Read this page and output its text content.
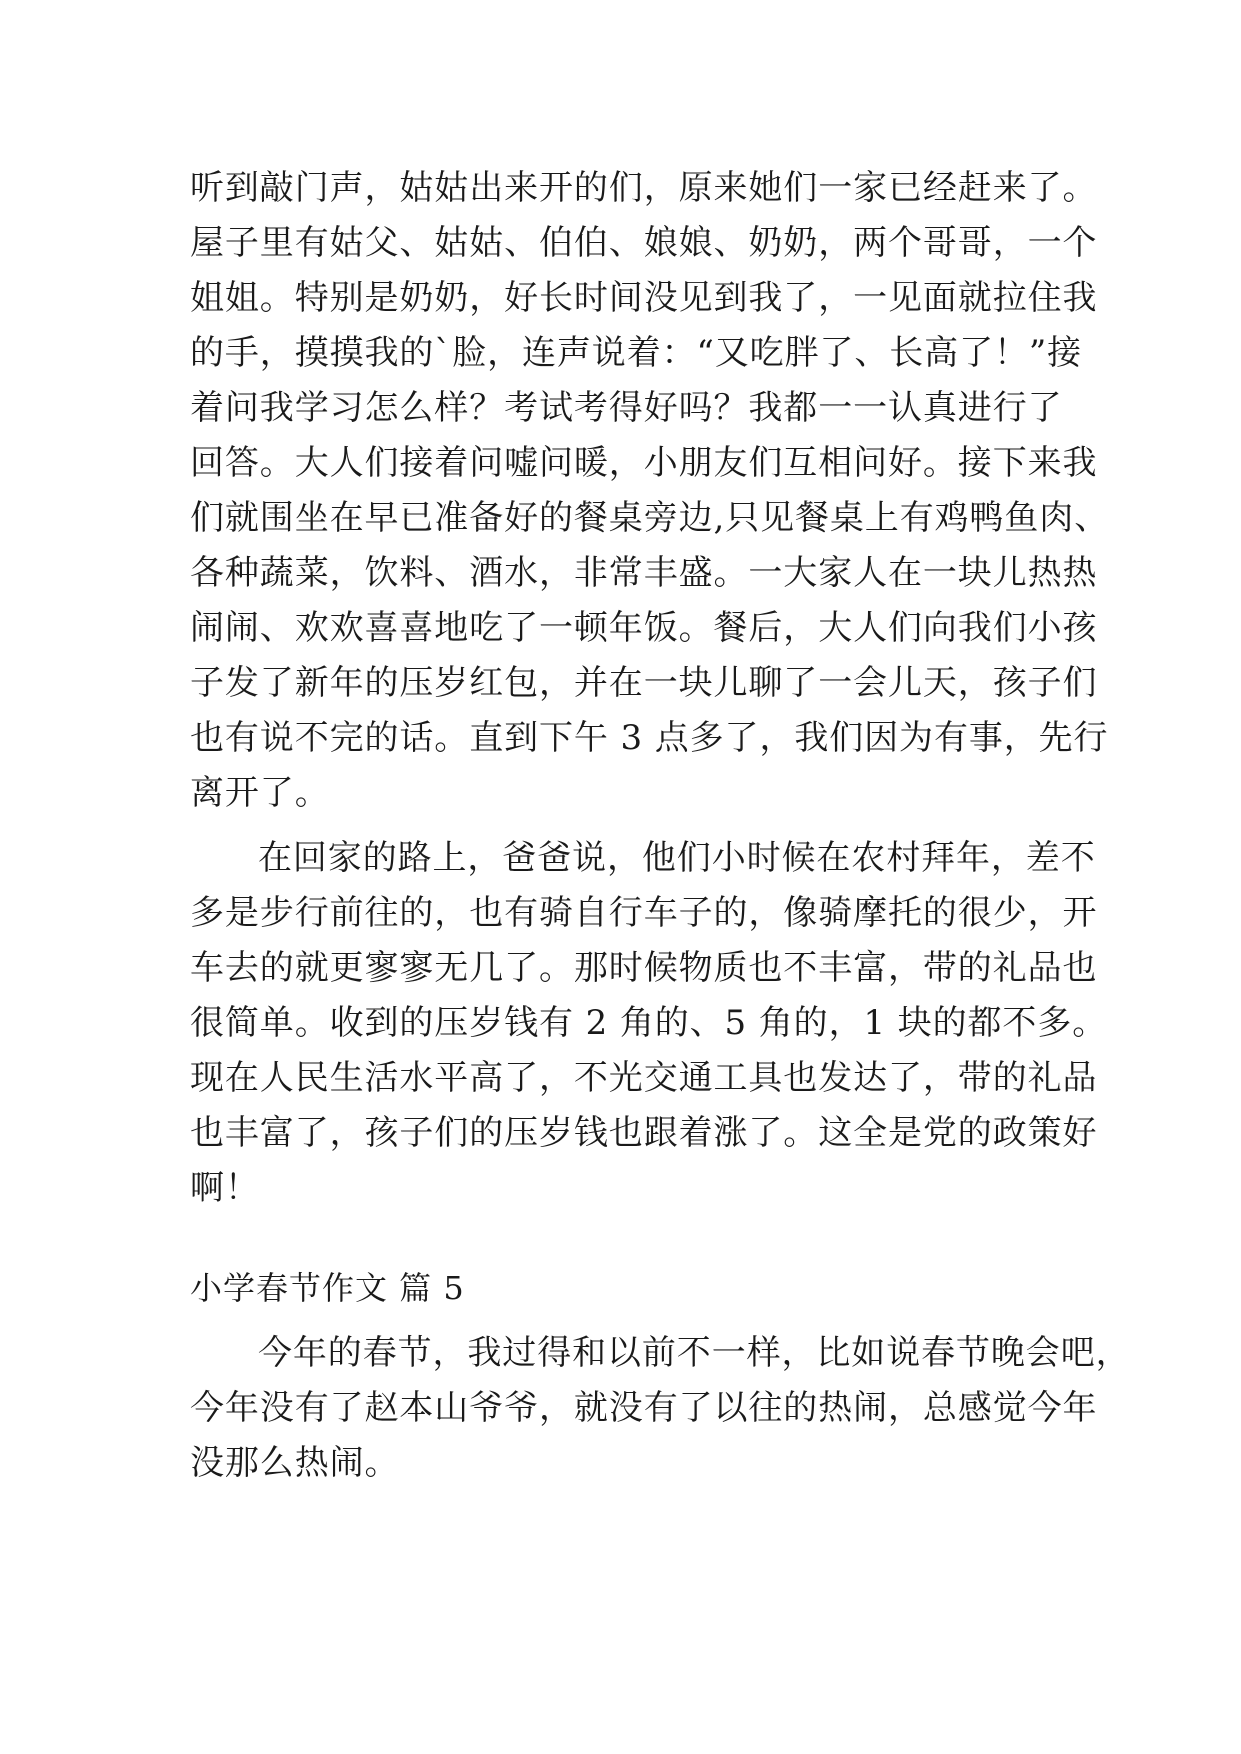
听到敲门声，姑姑出来开的们，原来她们一家已经赶来了。
屋子里有姑父、姑姑、伯伯、娘娘、奶奶，两个哥哥，一个
姐姐。特别是奶奶，好长时间没见到我了，一见面就拉住我
的手，摸摸我的`脸，连声说着：“又吃胖了、长高了！”接
着问我学习怎么样？考试考得好吗？我都一一认真进行了
回答。大人们接着问嘘问暖，小朋友们互相问好。接下来我
们就围坐在早已准备好的餐桌旁边,只见餐桌上有鸡鸭鱼肉、
各种蔬菜，饮料、酒水，非常丰盛。一大家人在一块儿热热
闹闹、欢欢喜喜地吃了一顿年饭。餐后，大人们向我们小孩
子发了新年的压岁红包，并在一块儿聊了一会儿天，孩子们
也有说不完的话。直到下午 3 点多了，我们因为有事，先行
离开了。
在回家的路上，爸爸说，他们小时候在农村拜年，差不
多是步行前往的，也有骑自行车子的，像骑摩托的很少，开
车去的就更寥寥无几了。那时候物质也不丰富，带的礼品也
很简单。收到的压岁钱有 2 角的、5 角的，1 块的都不多。
现在人民生活水平高了，不光交通工具也发达了，带的礼品
也丰富了，孩子们的压岁钱也跟着涨了。这全是党的政策好
啊！
小学春节作文 篇 5
今年的春节，我过得和以前不一样，比如说春节晚会吧，
今年没有了赵本山爷爷，就没有了以往的热闹，总感觉今年
没那么热闹。
